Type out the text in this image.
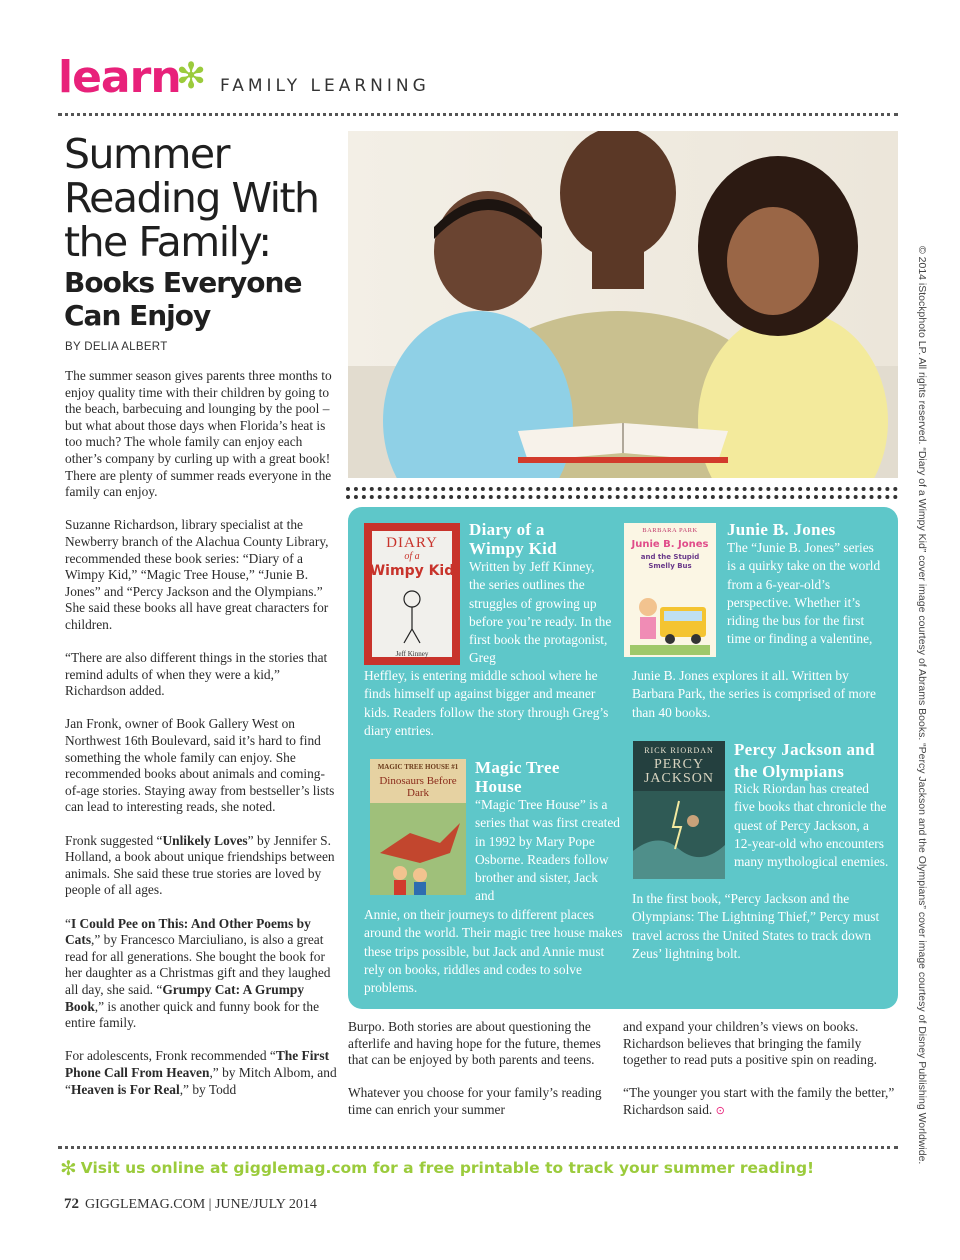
learn
✻ FAMILY LEARNING
Summer Reading With the Family:
Books Everyone Can Enjoy
BY DELIA ALBERT

The summer season gives parents three months to enjoy quality time with their children by going to the beach, barbecuing and lounging by the pool – but what about those days when Florida’s heat is too much? The whole family can enjoy each other’s company by curling up with a great book! There are plenty of summer reads everyone in the family can enjoy.

Suzanne Richardson, library specialist at the Newberry branch of the Alachua County Library, recommended these book series: “Diary of a Wimpy Kid,” “Magic Tree House,” “Junie B. Jones” and “Percy Jackson and the Olympians.” She said these books all have great characters for children.

“There are also different things in the stories that remind adults of when they were a kid,” Richardson added.

Jan Fronk, owner of Book Gallery West on Northwest 16th Boulevard, said it’s hard to find something the whole family can enjoy. She recommended books about animals and coming-of-age stories. Staying away from bestseller’s lists can lead to interesting reads, she noted.

Fronk suggested “Unlikely Loves” by Jennifer S. Holland, a book about unique friendships between animals. She said these true stories are loved by people of all ages.

“I Could Pee on This: And Other Poems by Cats,” by Francesco Marciuliano, is also a great read for all generations. She bought the book for her daughter as a Christmas gift and they laughed all day, she said. “Grumpy Cat: A Grumpy Book,” is another quick and funny book for the entire family.

For adolescents, Fronk recommended “The First Phone Call From Heaven,” by Mitch Albom, and “Heaven is For Real,” by Todd	© 2014 iStockphoto LP. All rights reserved. “Diary of a Wimpy Kid” cover image courtesy of Abrams Books. “Percy Jackson and the Olympians” cover image courtesy of Disney Publishing Worldwide.
DIARY
of a
Wimpy Kid
Jeff Kinney
Diary of a Wimpy Kid
Written by Jeff Kinney, the series outlines the struggles of growing up before you’re ready. In the first book the protagonist, Greg
Heffley, is entering middle school where he finds himself up against bigger and meaner kids. Readers follow the story through Greg’s diary entries.
BARBARA PARK
Junie B. Jones
and the Stupid Smelly Bus
Junie B. Jones
The “Junie B. Jones” series is a quirky take on the world from a 6-year-old’s perspective. Whether it’s riding the bus for the first time or finding a valentine,
Junie B. Jones explores it all. Written by Barbara Park, the series is comprised of more than 40 books.
MAGIC TREE HOUSE #1
Dinosaurs Before Dark
Magic Tree House
“Magic Tree House” is a series that was first created in 1992 by Mary Pope Osborne. Readers follow brother and sister, Jack and
Annie, on their journeys to different places around the world. Their magic tree house makes these trips possible, but Jack and Annie must rely on books, riddles and codes to solve problems.
RICK RIORDAN
PERCY
JACKSON
Percy Jackson and the Olympians
Rick Riordan has created five books that chronicle the quest of Percy Jackson, a 12-year-old who encounters many mythological enemies.
In the first book, “Percy Jackson and the Olympians: The Lightning Thief,” Percy must travel across the United States to track down Zeus’ lightning bolt.

Burpo. Both stories are about questioning the afterlife and having hope for the future, themes that can be enjoyed by both parents and teens.

Whatever you choose for your family’s reading time can enrich your summer

and expand your children’s views on books. Richardson believes that bringing the family together to read puts a positive spin on reading.

“The younger you start with the family the better,” Richardson said. ⊙

✻ Visit us online at gigglemag.com for a free printable to track your summer reading!
72 GIGGLEMAG.COM | JUNE/JULY 2014
